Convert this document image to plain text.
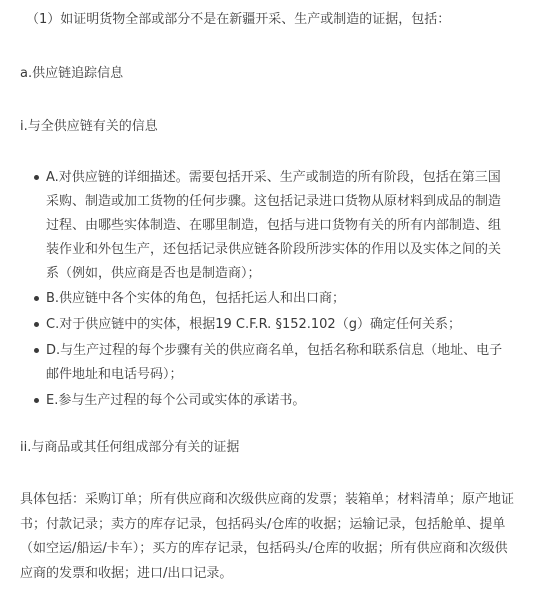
（1）如证明货物全部或部分不是在新疆开采、生产或制造的证据，包括：
a.供应链追踪信息
i.与全供应链有关的信息
A.对供应链的详细描述。需要包括开采、生产或制造的所有阶段，包括在第三国采购、制造或加工货物的任何步骤。这包括记录进口货物从原材料到成品的制造过程、由哪些实体制造、在哪里制造，包括与进口货物有关的所有内部制造、组装作业和外包生产，还包括记录供应链各阶段所涉实体的作用以及实体之间的关系（例如，供应商是否也是制造商）；
B.供应链中各个实体的角色，包括托运人和出口商；
C.对于供应链中的实体，根据19 C.F.R. §152.102（g）确定任何关系；
D.与生产过程的每个步骤有关的供应商名单，包括名称和联系信息（地址、电子邮件地址和电话号码）；
E.参与生产过程的每个公司或实体的承诺书。
ii.与商品或其任何组成部分有关的证据
具体包括：采购订单；所有供应商和次级供应商的发票；装箱单；材料清单；原产地证书；付款记录；卖方的库存记录，包括码头/仓库的收据；运输记录，包括舱单、提单（如空运/船运/卡车）；买方的库存记录，包括码头/仓库的收据；所有供应商和次级供应商的发票和收据；进口/出口记录。
